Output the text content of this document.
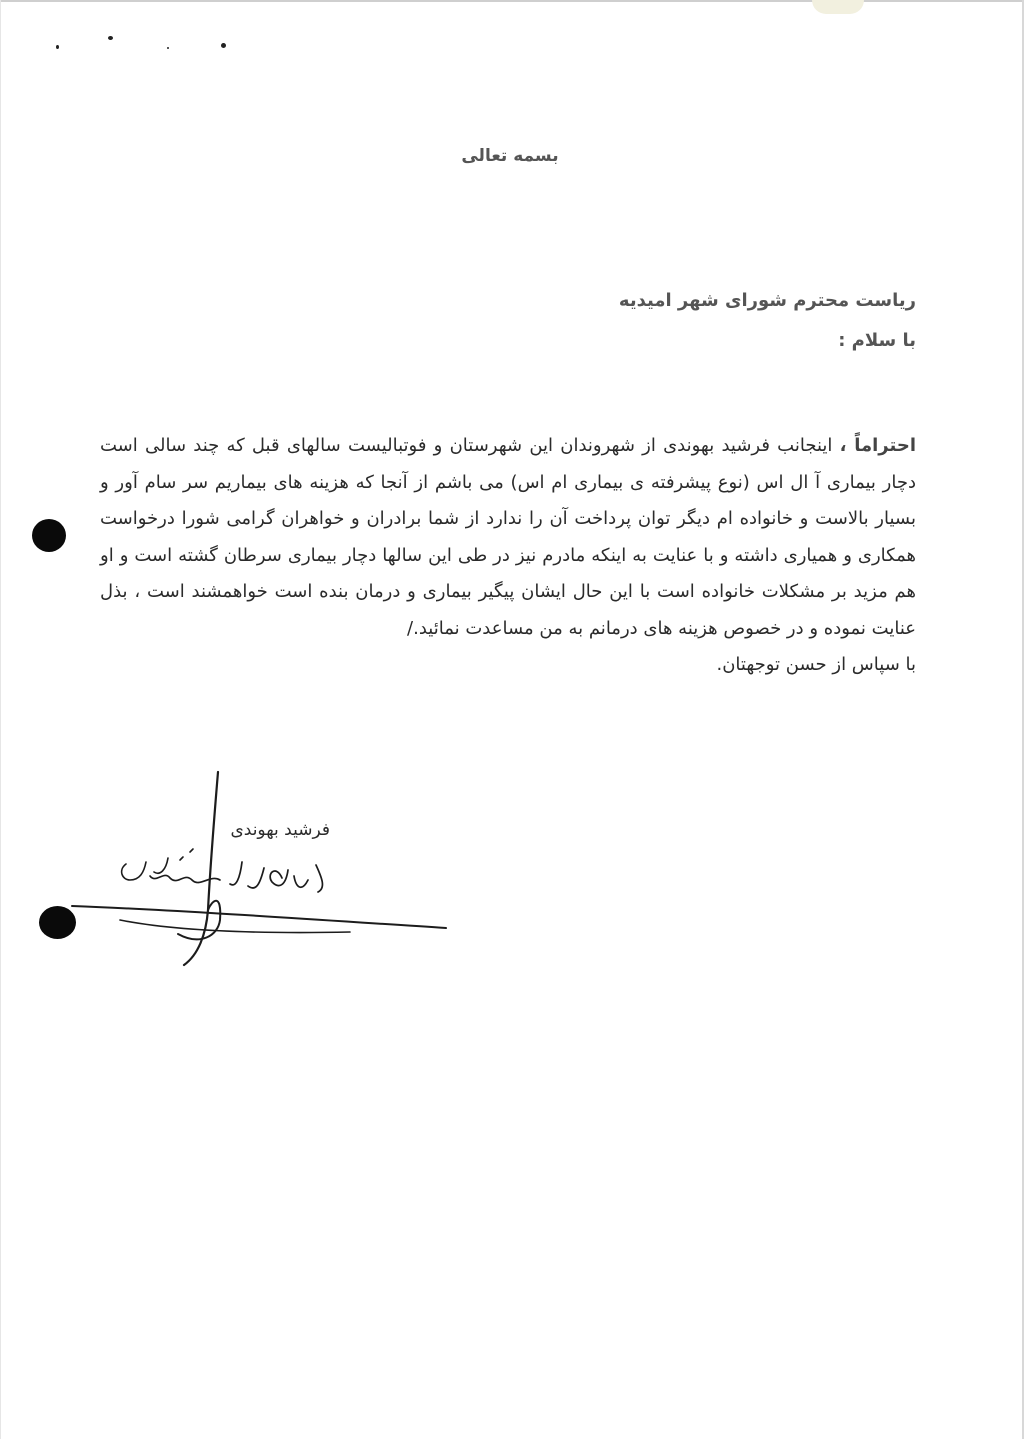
بسمه تعالی
ریاست محترم شورای شهر امیدیه
با سلام :
احتراماً ، اینجانب فرشید بهوندی از شهروندان این شهرستان و فوتبالیست سالهای قبل که چند سالی است
دچار بیماری آ ال اس (نوع پیشرفته ی بیماری ام اس) می باشم از آنجا که هزینه های بیماریم سر سام آور و
بسیار بالاست و خانواده ام دیگر توان پرداخت آن را ندارد از شما برادران و خواهران گرامی شورا درخواست
همکاری و همیاری داشته و با عنایت به اینکه مادرم نیز در طی این سالها دچار بیماری سرطان گشته است و او
هم مزید بر مشکلات خانواده است با این حال ایشان پیگیر بیماری و درمان بنده است خواهمشند است ، بذل
عنایت نموده و در خصوص هزینه های درمانم به من مساعدت نمائید./
با سپاس از حسن توجهتان.
فرشید بهوندی
